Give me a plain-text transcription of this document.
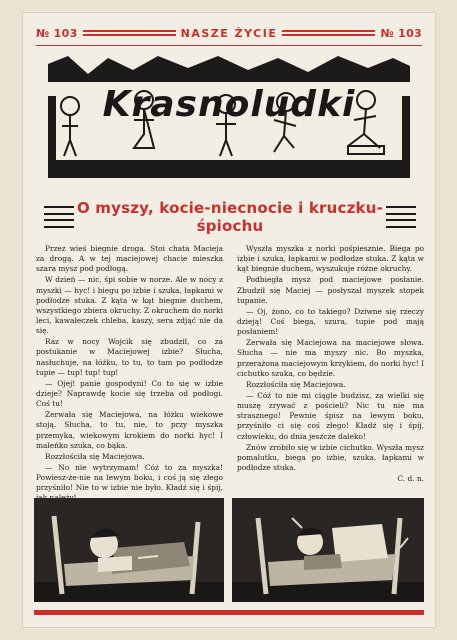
№ 103	NASZE ŻYCIE	№ 103
Krasnoludki
O myszy, kocie-niecnocie i kruczku-śpiochu

Przez wieś biegnie droga. Stoi chata Macieja za drogą. A w tej maciejowej chacie mieszka szara mysz pod podłogą.

W dzień — nic, śpi sobie w norze. Ale w nocy z myszki — hyc! i biegu po izbie i szuka, łapkami w podłodze stuka. Z kąta w kąt biegnie duchem, wszystkiego zbiera okruchy. Z okruchem do norki leci, kawałeczek chleba, kaszy, sera zdjąć nie da się.

Raz w nocy Wojcik się zbudził, co za postukanie w Maciejowej izbie? Słucha, nasłuchuje, na łóżku, to tu, to tam po podłodze tupie — tup! tup! tup!

— Ojej! panie gospodyni! Co to się w izbie dzieje? Naprawdę kocie się trzeba od podłogi. Coś tu!

Zerwała się Maciejowa, na łóżku wiekowe stoją. Słucha, to tu, nie, to przy myszka przemyka, wiekowym krokiem do norki hyc! I maleńko szuka, co bąka.

Rozzłościła się Maciejowa.

— No nie wytrzymam! Cóż to za myszka! Powiesz-że-nie na lewym boku, i coś ją się złego przyśniło! Nie to w izbie nie było. Kładź się i śpij,

Wyszła myszka z norki pośpiesznie. Biega po izbie i szuka, łapkami w podłodze stuka. Z kąta w kąt biegnie duchem, wyszukuje różne okruchy.

Podbiegła mysz pod maciejowe posłanie. Zbudził się Maciej — posłyszał myszek stopek tupanie.

— Oj, żono, co to takiego? Dziwne się rzeczy dzieją! Coś biega, szura, tupie pod mają posłaniem!

Zerwała się Maciejowa na maciejowe słowa. Słucha — nie ma myszy nic. Bo myszka, przerażona maciejowym krzykiem, do norki hyc! I cichutko szuka, co będzie.

Rozzłościła się Maciejowa.

— Cóż to nie mi ciągle budzisz, za wielki się muszę zrywać z pościeli? Nic tu nie ma strasznego! Pewnie śpisz na lewym boku, przyśniło ci się coś złego! Kładź się i śpij, człowieku, do dnia jeszcze daleko!

Znów zrobiło się w izbie cichutko. Wyszła mysz pomalutku, biega po izbie, szuka, łapkami w podłodze stuka.

C. d. n.
